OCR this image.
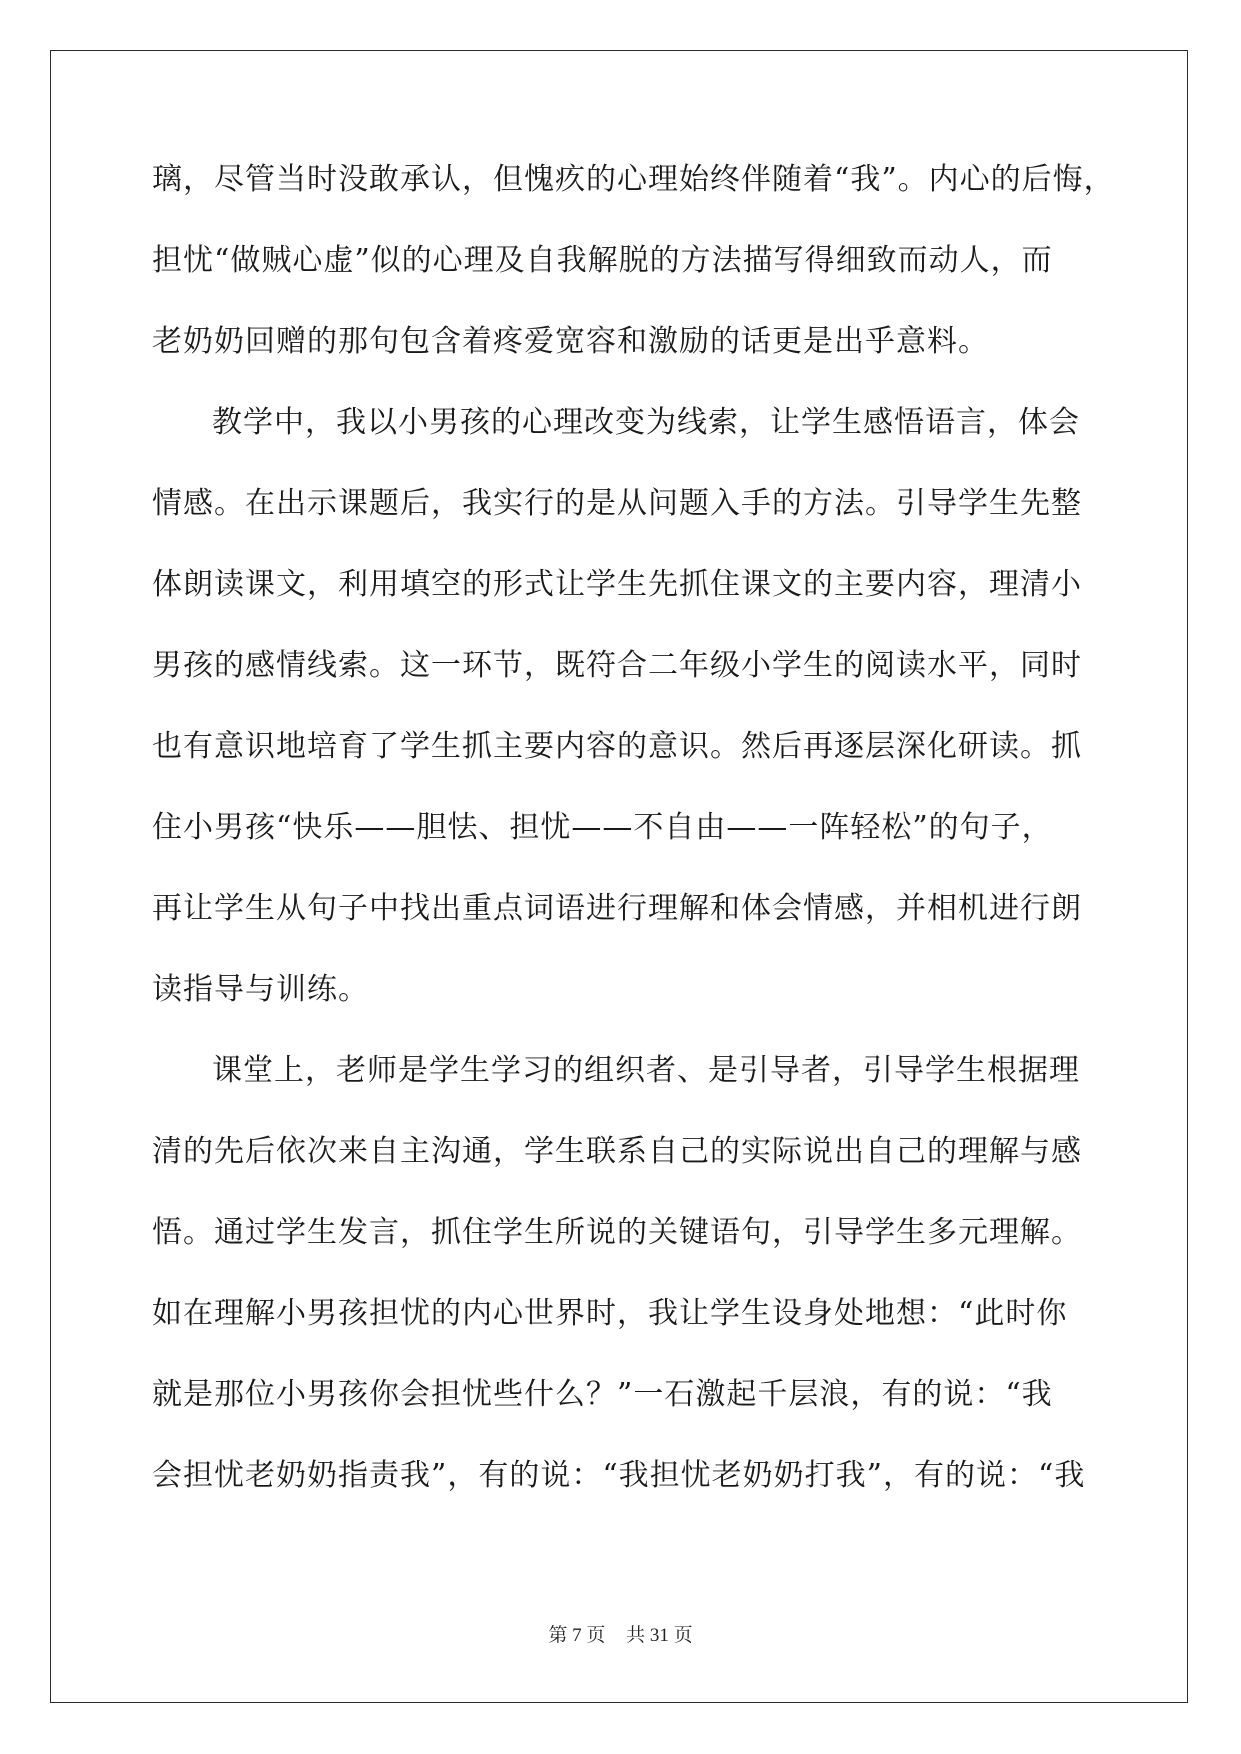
璃，尽管当时没敢承认，但愧疚的心理始终伴随着“我”。内心的后悔，
担忧“做贼心虚”似的心理及自我解脱的方法描写得细致而动人，而
老奶奶回赠的那句包含着疼爱宽容和激励的话更是出乎意料。
教学中，我以小男孩的心理改变为线索，让学生感悟语言，体会
情感。在出示课题后，我实行的是从问题入手的方法。引导学生先整
体朗读课文，利用填空的形式让学生先抓住课文的主要内容，理清小
男孩的感情线索。这一环节，既符合二年级小学生的阅读水平，同时
也有意识地培育了学生抓主要内容的意识。然后再逐层深化研读。抓
住小男孩“快乐——胆怯、担忧——不自由——一阵轻松”的句子，
再让学生从句子中找出重点词语进行理解和体会情感，并相机进行朗
读指导与训练。
课堂上，老师是学生学习的组织者、是引导者，引导学生根据理
清的先后依次来自主沟通，学生联系自己的实际说出自己的理解与感
悟。通过学生发言，抓住学生所说的关键语句，引导学生多元理解。
如在理解小男孩担忧的内心世界时，我让学生设身处地想：“此时你
就是那位小男孩你会担忧些什么？”一石激起千层浪，有的说：“我
会担忧老奶奶指责我”，有的说：“我担忧老奶奶打我”，有的说：“我
第 7 页 共 31 页
